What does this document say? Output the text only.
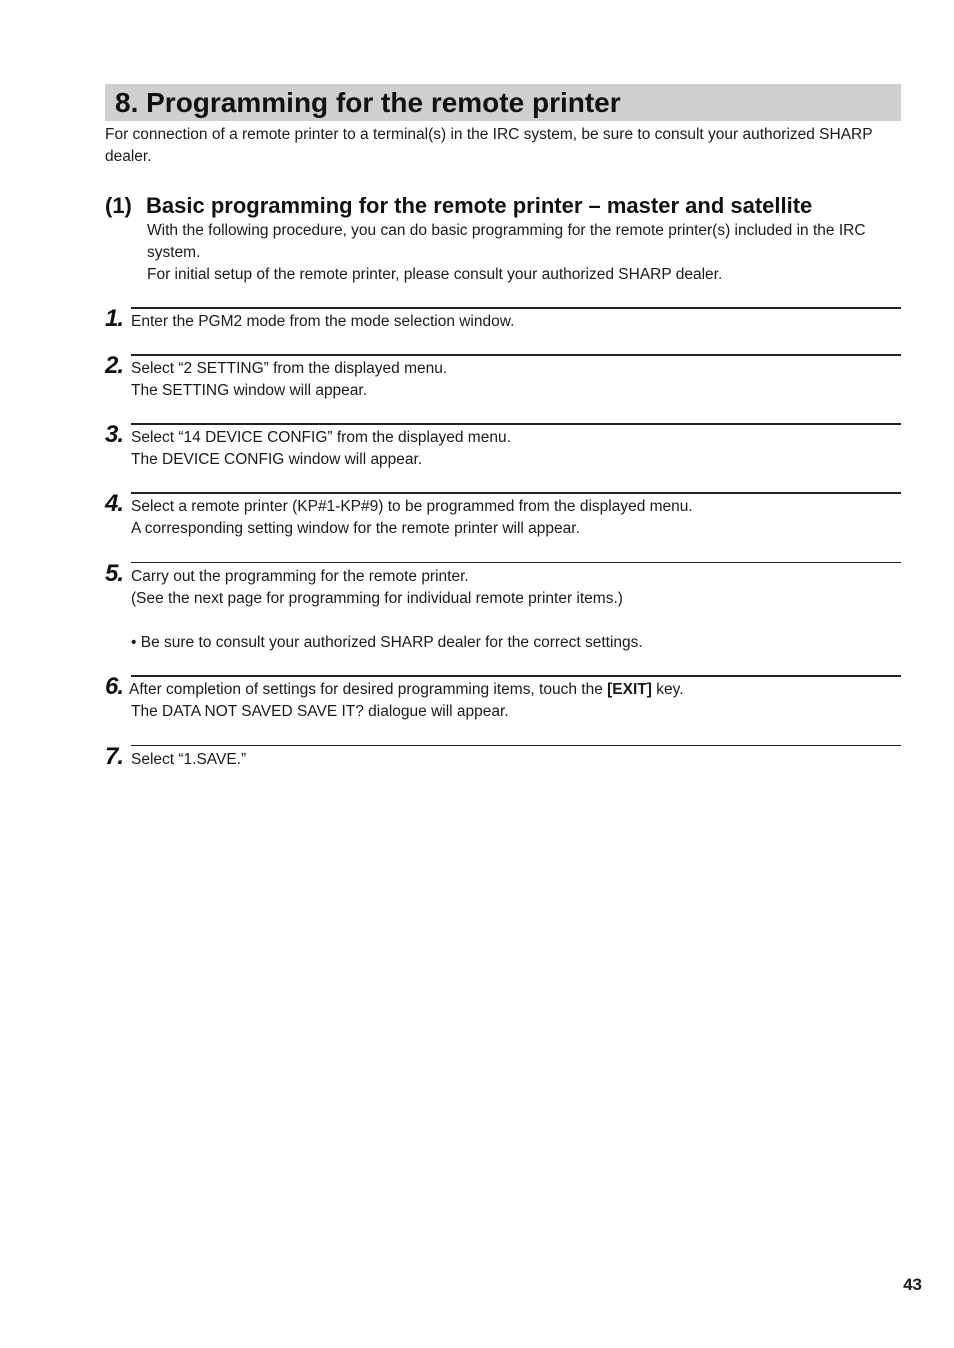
8. Programming for the remote printer

For connection of a remote printer to a terminal(s) in the IRC system, be sure to consult your authorized SHARP dealer.

(1) Basic programming for the remote printer – master and satellite

With the following procedure, you can do basic programming for the remote printer(s) included in the IRC system.

For initial setup of the remote printer, please consult your authorized SHARP dealer.

1. Enter the PGM2 mode from the mode selection window.

2. Select “2 SETTING” from the displayed menu.

The SETTING window will appear.

3. Select “14 DEVICE CONFIG” from the displayed menu.

The DEVICE CONFIG window will appear.

4. Select a remote printer (KP#1-KP#9) to be programmed from the displayed menu.

A corresponding setting window for the remote printer will appear.

5. Carry out the programming for the remote printer.

(See the next page for programming for individual remote printer items.)

• Be sure to consult your authorized SHARP dealer for the correct settings.

6. After completion of settings for desired programming items, touch the [EXIT] key.

The DATA NOT SAVED SAVE IT? dialogue will appear.

7. Select “1.SAVE.”

43
